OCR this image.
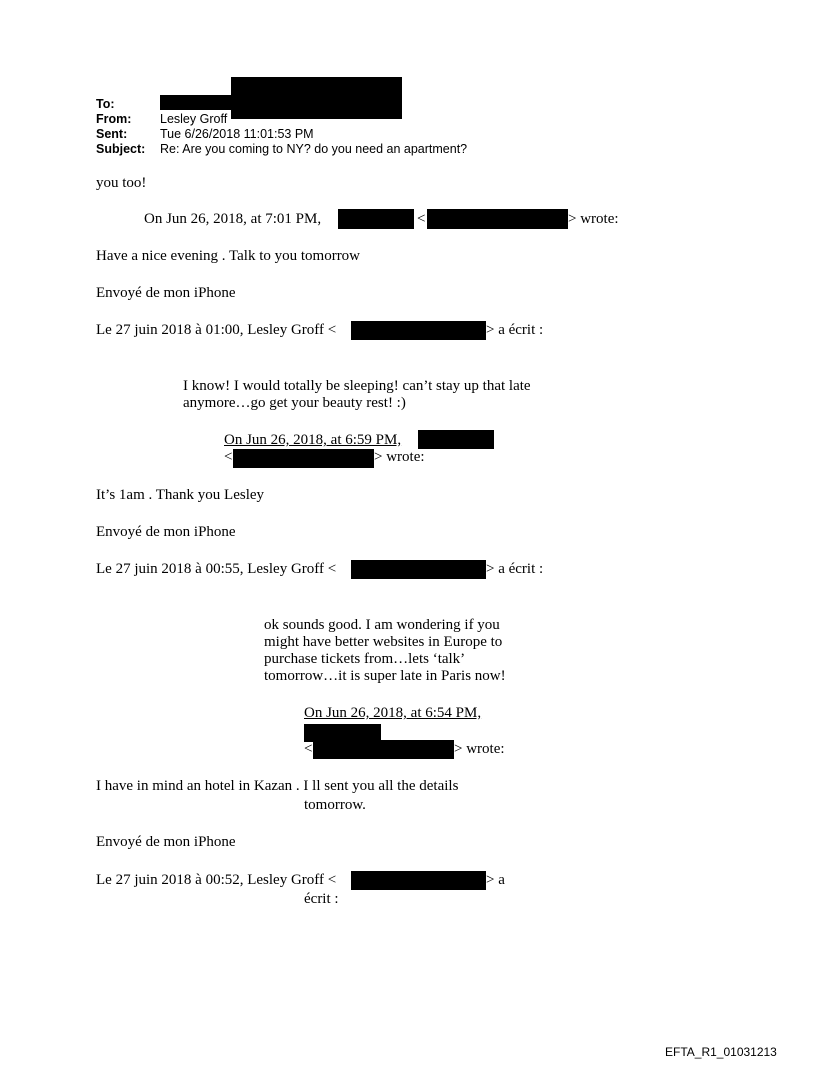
To:
From: Lesley Groff
Sent:	Tue 6/26/2018 11:01:53 PM
Subject: Re: Are you coming to NY? do you need an apartment?
you too!
On Jun 26, 2018, at 7:01 PM,	<	> wrote:
Have a nice evening . Talk to you tomorrow
Envoyé de mon iPhone
Le 27 juin 2018 à 01:00, Lesley Groff <	> a écrit :
I know! I would totally be sleeping! can’t stay up that late
anymore…go get your beauty rest! :)
On Jun 26, 2018, at 6:59 PM,
<	> wrote:
It’s 1am . Thank you Lesley
Envoyé de mon iPhone
Le 27 juin 2018 à 00:55, Lesley Groff <	> a écrit :
ok sounds good. I am wondering if you
might have better websites in Europe to
purchase tickets from…lets ‘talk’
tomorrow…it is super late in Paris now!
On Jun 26, 2018, at 6:54 PM,
<	> wrote:
I have in mind an hotel in Kazan . I ll sent you all the details
tomorrow.
Envoyé de mon iPhone
Le 27 juin 2018 à 00:52, Lesley Groff <	> a
écrit :
EFTA_R1_01031213
